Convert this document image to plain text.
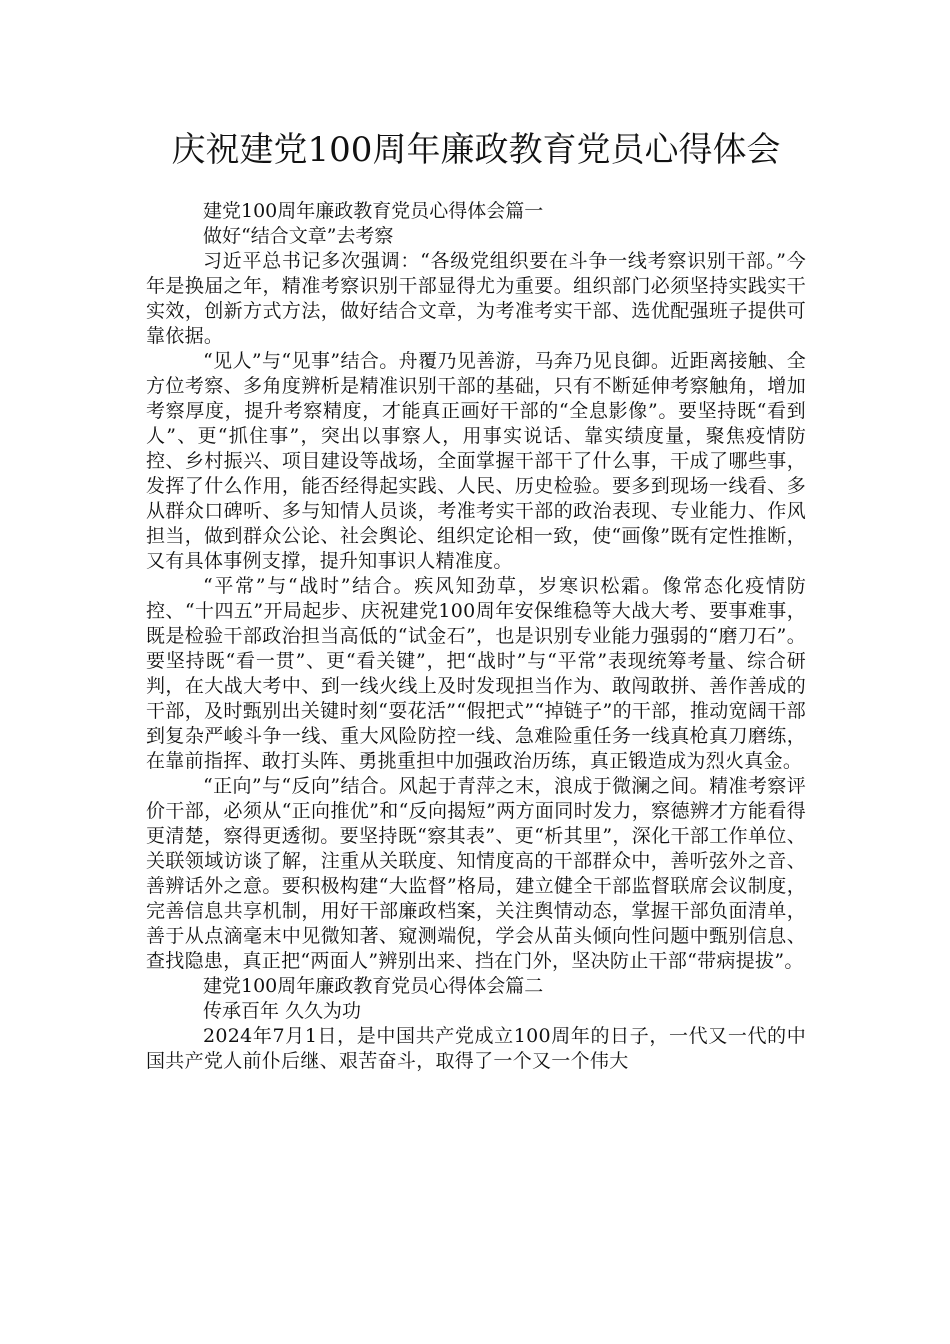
庆祝建党100周年廉政教育党员心得体会

建党100周年廉政教育党员心得体会篇一

做好“结合文章”去考察

习近平总书记多次强调：“各级党组织要在斗争一线考察识别干部。”今年是换届之年，精准考察识别干部显得尤为重要。组织部门必须坚持实践实干实效，创新方式方法，做好结合文章，为考准考实干部、选优配强班子提供可靠依据。

“见人”与“见事”结合。舟覆乃见善游，马奔乃见良御。近距离接触、全方位考察、多角度辨析是精准识别干部的基础，只有不断延伸考察触角，增加考察厚度，提升考察精度，才能真正画好干部的“全息影像”。要坚持既“看到人”、更“抓住事”，突出以事察人，用事实说话、靠实绩度量，聚焦疫情防控、乡村振兴、项目建设等战场，全面掌握干部干了什么事，干成了哪些事，发挥了什么作用，能否经得起实践、人民、历史检验。要多到现场一线看、多从群众口碑听、多与知情人员谈，考准考实干部的政治表现、专业能力、作风担当，做到群众公论、社会舆论、组织定论相一致，使“画像”既有定性推断，又有具体事例支撑，提升知事识人精准度。

“平常”与“战时”结合。疾风知劲草，岁寒识松霜。像常态化疫情防控、“十四五”开局起步、庆祝建党100周年安保维稳等大战大考、要事难事，既是检验干部政治担当高低的“试金石”，也是识别专业能力强弱的“磨刀石”。要坚持既“看一贯”、更“看关键”，把“战时”与“平常”表现统筹考量、综合研判，在大战大考中、到一线火线上及时发现担当作为、敢闯敢拼、善作善成的干部，及时甄别出关键时刻“耍花活”“假把式”“掉链子”的干部，推动宽阔干部到复杂严峻斗争一线、重大风险防控一线、急难险重任务一线真枪真刀磨练，在靠前指挥、敢打头阵、勇挑重担中加强政治历练，真正锻造成为烈火真金。

“正向”与“反向”结合。风起于青萍之末，浪成于微澜之间。精准考察评价干部，必须从“正向推优”和“反向揭短”两方面同时发力，察德辨才方能看得更清楚，察得更透彻。要坚持既“察其表”、更“析其里”，深化干部工作单位、关联领域访谈了解，注重从关联度、知情度高的干部群众中，善听弦外之音、善辨话外之意。要积极构建“大监督”格局，建立健全干部监督联席会议制度，完善信息共享机制，用好干部廉政档案，关注舆情动态，掌握干部负面清单，善于从点滴毫末中见微知著、窥测端倪，学会从苗头倾向性问题中甄别信息、查找隐患，真正把“两面人”辨别出来、挡在门外，坚决防止干部“带病提拔”。

建党100周年廉政教育党员心得体会篇二

传承百年 久久为功

2024年7月1日，是中国共产党成立100周年的日子，一代又一代的中国共产党人前仆后继、艰苦奋斗，取得了一个又一个伟大
